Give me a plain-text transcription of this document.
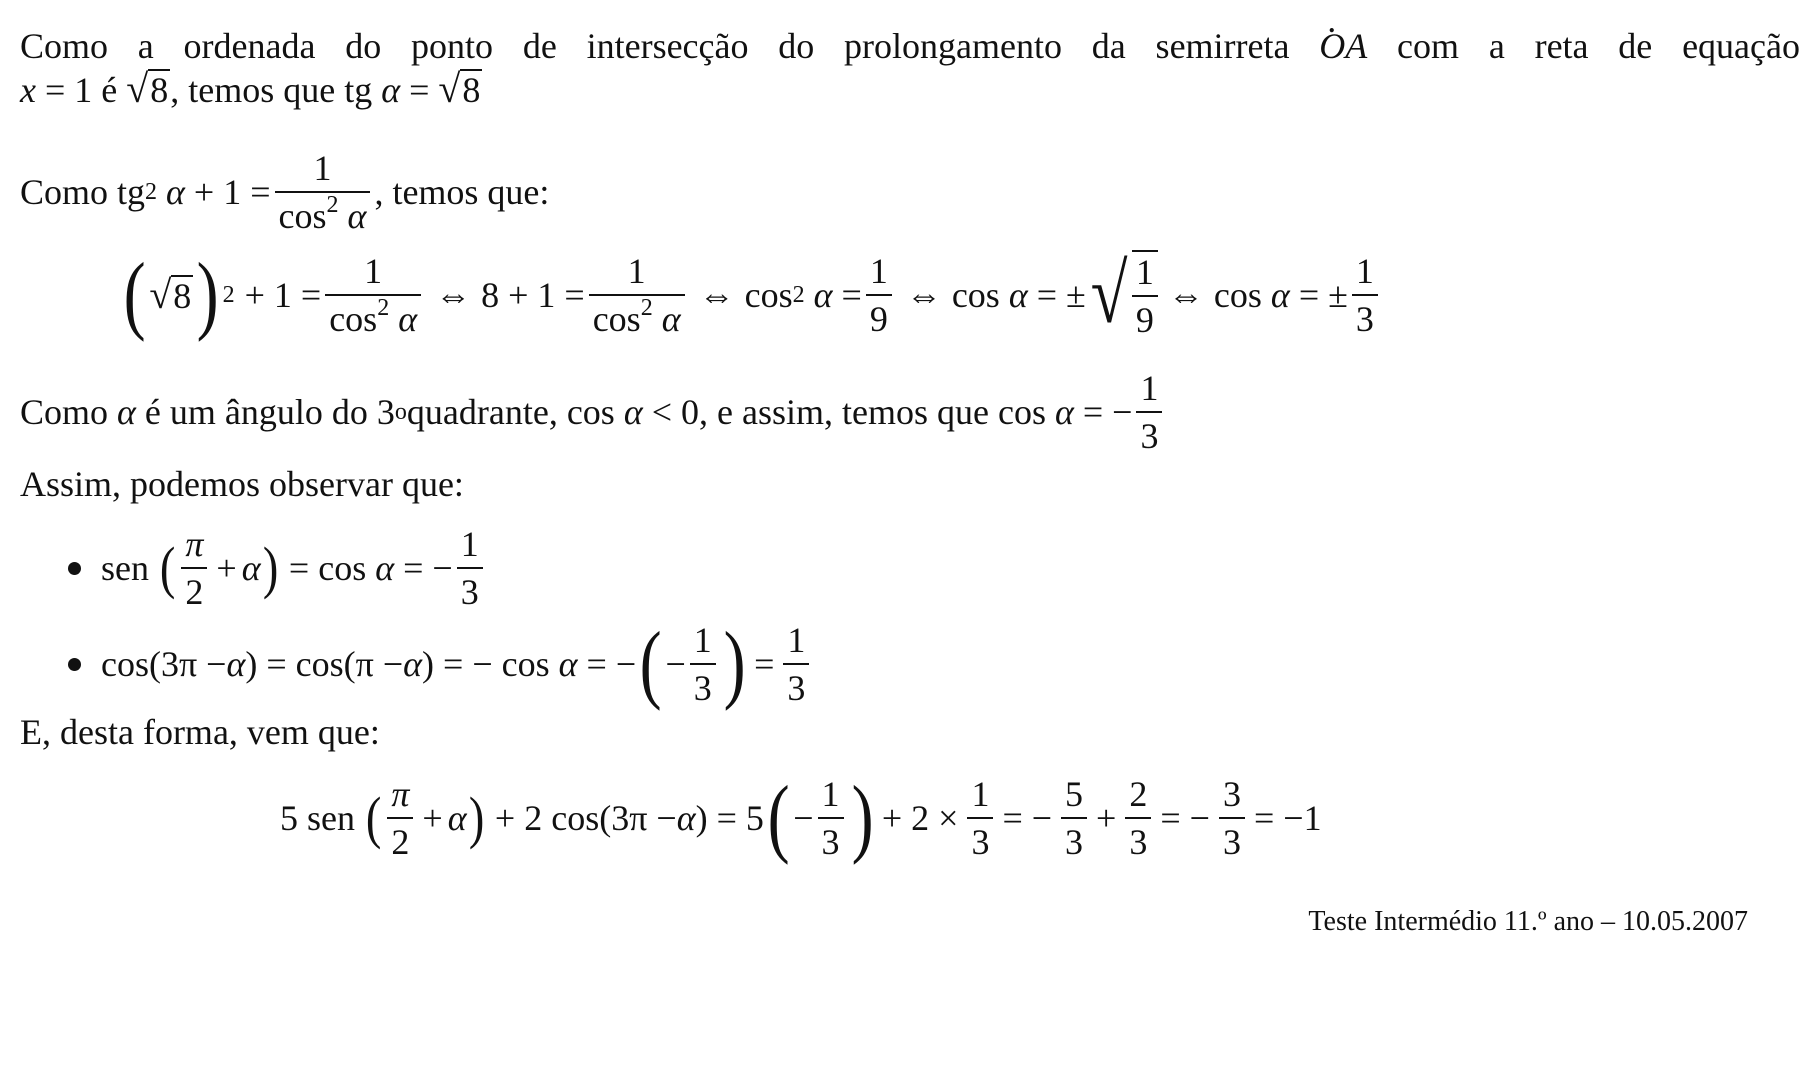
Como a ordenada do ponto de intersecção do prolongamento da semirreta . OA com a reta de equação
x = 1 é √ 8 , temos que tg α = √ 8
Como tg 2
α
+ $1 = \frac{1}{\cos^2 \alpha}$ , temos que:
( √ 8 ) $2 + 1 = \frac{1}{\cos^2 \alpha}$ ⇔ $8 + 1 = \frac{1}{\cos^2 \alpha}$ ⇔ cos 2
α
= $\frac{1}{9}$ ⇔ cos
α
= ± √ $\frac{1}{9}$ ⇔ cos
α
= ± $\frac{1}{3}$
Como
α
é um ângulo do 3 o quadrante, cos
α
< 0, e assim, temos que cos
α
= − $\frac{1}{3}$
Assim, podemos observar que:
sen
( $\frac{\pi}{2} + \alpha$ )
= cos
α
= − $\frac{1}{3}$
cos(3π − α ) = cos(π − α ) = − cos
α
= − ( − $\frac{1}{3}$ ) = $\frac{1}{3}$
E, desta forma, vem que:
5 sen
( $\frac{\pi}{2} + \alpha$ )
+ 2 cos(3π − α ) = 5 ( − $\frac{1}{3}$ ) + $2 \times \frac{1}{3}$ = − $\frac{5}{3} + \frac{2}{3}$ = − $\frac{3}{3} = -1$
Teste Intermédio 11.º ano – 10.05.2007
